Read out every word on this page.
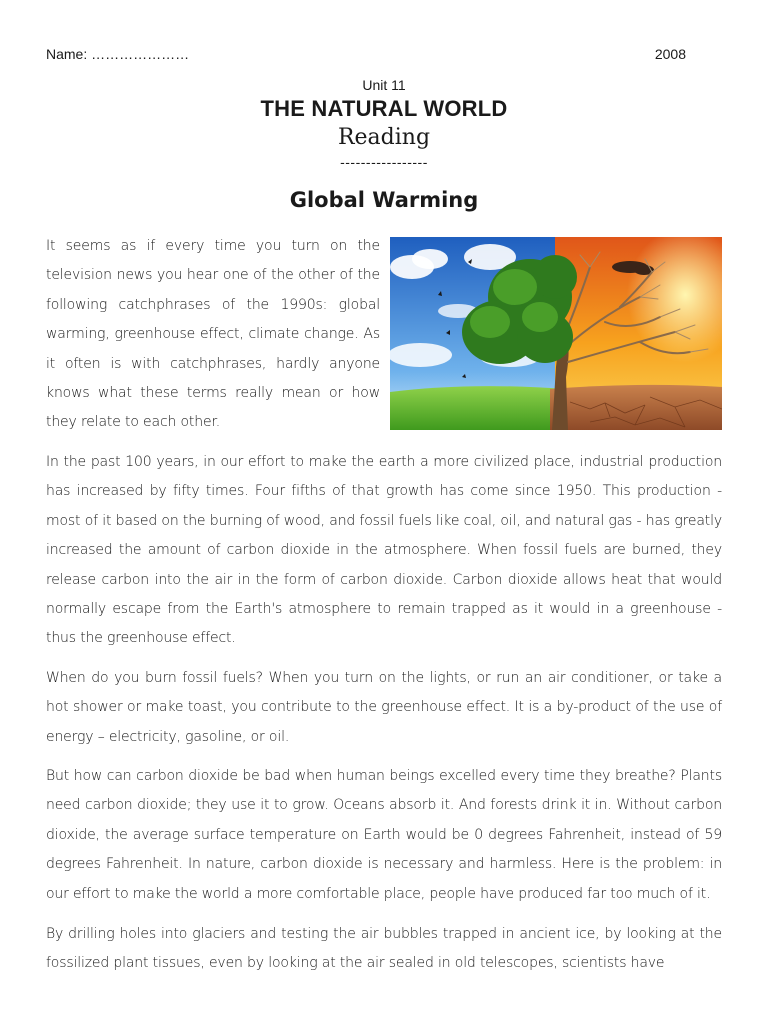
Name: …………………	2008
Unit 11
THE NATURAL WORLD
Reading
-----------------
Global Warming

It seems as if every time you turn on the television news you hear one of the other of the following catchphrases of the 1990s: global warming, greenhouse effect, climate change. As it often is with catchphrases, hardly anyone knows what these terms really mean or how they relate to each other.

In the past 100 years, in our effort to make the earth a more civilized place, industrial production has increased by fifty times. Four fifths of that growth has come since 1950. This production - most of it based on the burning of wood, and fossil fuels like coal, oil, and natural gas - has greatly increased the amount of carbon dioxide in the atmosphere. When fossil fuels are burned, they release carbon into the air in the form of carbon dioxide. Carbon dioxide allows heat that would normally escape from the Earth's atmosphere to remain trapped as it would in a greenhouse - thus the greenhouse effect.

When do you burn fossil fuels? When you turn on the lights, or run an air conditioner, or take a hot shower or make toast, you contribute to the greenhouse effect. It is a by-product of the use of energy – electricity, gasoline, or oil.

But how can carbon dioxide be bad when human beings excelled every time they breathe? Plants need carbon dioxide; they use it to grow. Oceans absorb it. And forests drink it in. Without carbon dioxide, the average surface temperature on Earth would be 0 degrees Fahrenheit, instead of 59 degrees Fahrenheit. In nature, carbon dioxide is necessary and harmless. Here is the problem: in our effort to make the world a more comfortable place, people have produced far too much of it.

By drilling holes into glaciers and testing the air bubbles trapped in ancient ice, by looking at the fossilized plant tissues, even by looking at the air sealed in old telescopes, scientists have
